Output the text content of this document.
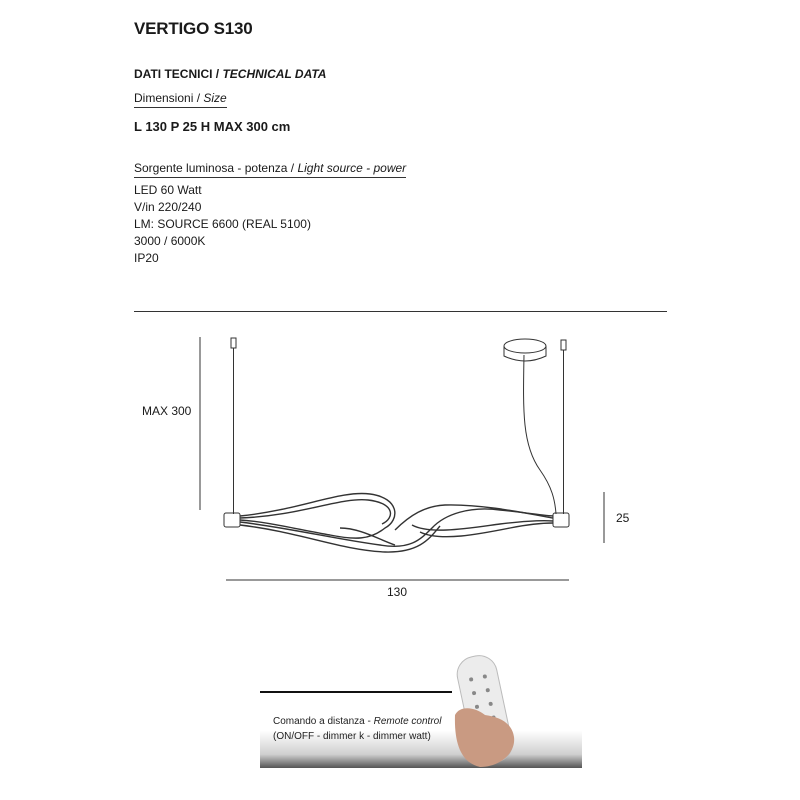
VERTIGO S130
DATI TECNICI / TECHNICAL DATA
Dimensioni / Size
L 130 P 25 H MAX 300 cm
Sorgente luminosa - potenza / Light source - power
LED 60 Watt
V/in 220/240
LM: SOURCE 6600 (REAL 5100)
3000 / 6000K
IP20
MAX 300
25
130
Comando a distanza - Remote control
(ON/OFF - dimmer k - dimmer watt)
